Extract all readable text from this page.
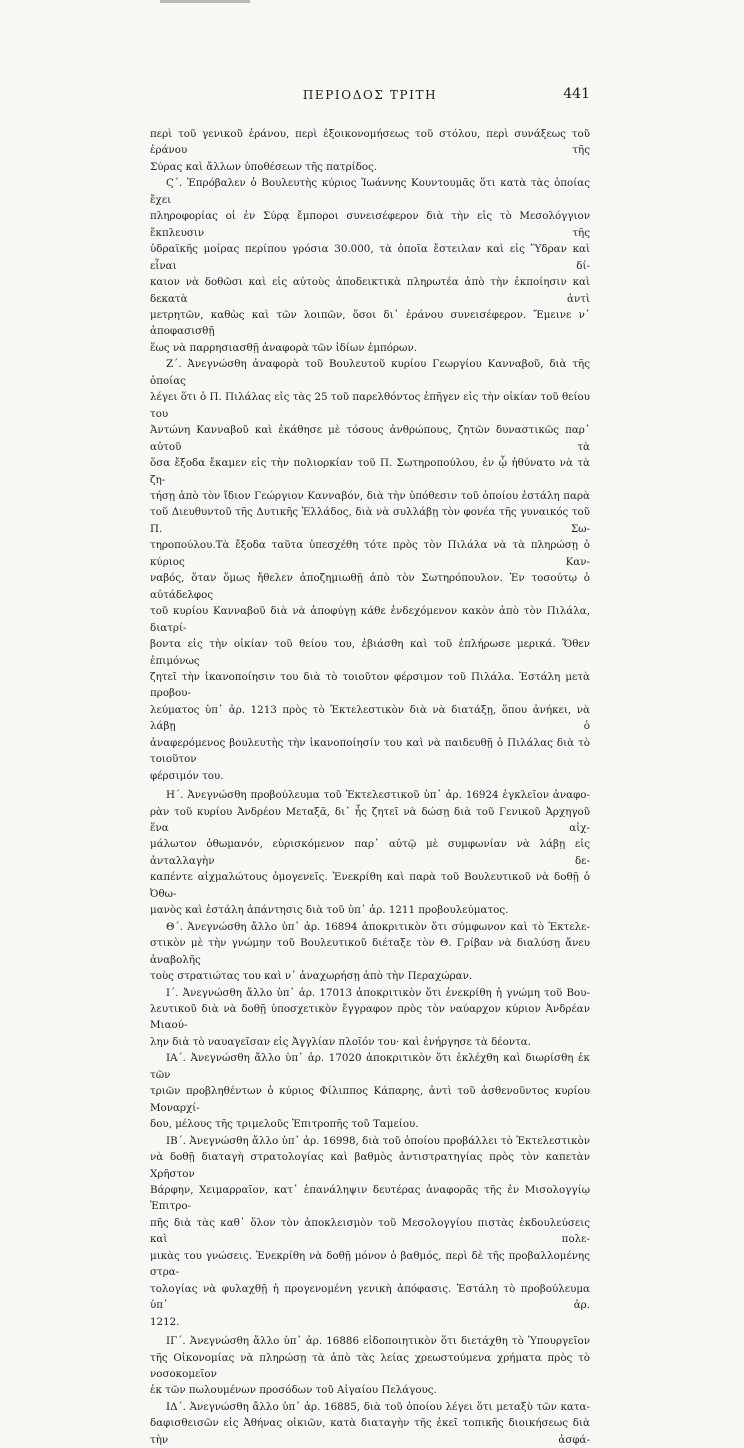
ΠΕΡΙΟΔΟΣ ΤΡΙΤΗ	441

περὶ τοῦ γενικοῦ ἐράνου, περὶ ἐξοικονομήσεως τοῦ στόλου, περὶ συνάξεως τοῦ ἐράνου τῆς

Σύρας καὶ ἄλλων ὑποθέσεων τῆς πατρίδος.

Ϛ΄. Ἐπρόβαλεν ὁ Βουλευτὴς κύριος Ἰωάννης Κουντουμᾶς ὅτι κατὰ τὰς ὁποίας ἔχει

πληροφορίας οἱ ἐν Σύρᾳ ἔμποροι συνεισέφερον διὰ τὴν εἰς τὸ Μεσολόγγιον ἔκπλευσιν τῆς

ὑδραϊκῆς μοίρας περίπου γρόσια 30.000, τὰ ὁποῖα ἔστειλαν καὶ εἰς Ὕδραν καὶ εἶναι δί-

καιον νὰ δοθῶσι καὶ εἰς αὐτοὺς ἀποδεικτικὰ πληρωτέα ἀπὸ τὴν ἐκποίησιν καὶ δεκατὰ ἀντὶ

μετρητῶν, καθὼς καὶ τῶν λοιπῶν, ὅσοι δι᾿ ἐράνου συνεισέφερον. Ἔμεινε ν᾿ ἀποφασισθῇ

ἕως νὰ παρρησιασθῇ ἀναφορὰ τῶν ἰδίων ἐμπόρων.

Ζ΄. Ἀνεγνώσθη ἀναφορὰ τοῦ Βουλευτοῦ κυρίου Γεωργίου Κανναβοῦ, διὰ τῆς ὁποίας

λέγει ὅτι ὁ Π. Πιλάλας εἰς τὰς 25 τοῦ παρελθόντος ἐπῆγεν εἰς τὴν οἰκίαν τοῦ θείου του

Ἀντώνη Κανναβοῦ καὶ ἐκάθησε μὲ τόσους ἀνθρώπους, ζητῶν δυναστικῶς παρ᾿ αὐτοῦ τὰ

ὅσα ἔξοδα ἔκαμεν εἰς τὴν πολιορκίαν τοῦ Π. Σωτηροπούλου, ἐν ᾧ ἠθύνατο νὰ τὰ ζη-

τήσῃ ἀπὸ τὸν ἴδιον Γεώργιον Κανναβόν, διὰ τὴν ὑπόθεσιν τοῦ ὁποίου ἐστάλη παρὰ

τοῦ Διευθυντοῦ τῆς Δυτικῆς Ἑλλάδος, διὰ νὰ συλλάβῃ τὸν φονέα τῆς γυναικός τοῦ Π. Σω-

τηροπούλου.Τὰ ἔξοδα ταῦτα ὑπεσχέθη τότε πρὸς τὸν Πιλάλα νὰ τὰ πληρώσῃ ὁ κύριος Καν-

ναβός, ὅταν ὅμως ἤθελεν ἀποζημιωθῇ ἀπὸ τὸν Σωτηρόπουλον. Ἐν τοσούτῳ ὁ αὐτάδελφος

τοῦ κυρίου Κανναβοῦ διὰ νὰ ἀποφύγῃ κάθε ἐνδεχόμενον κακὸν ἀπὸ τὸν Πιλάλα, διατρί-

βοντα εἰς τὴν οἰκίαν τοῦ θείου του, ἐβιάσθη καὶ τοῦ ἐπλήρωσε μερικά. Ὅθεν ἐπιμόνως

ζητεῖ τὴν ἱκανοποίησιν του διὰ τὸ τοιοῦτον φέρσιμον τοῦ Πιλάλα. Ἐστάλη μετὰ προβου-

λεύματος ὑπ᾿ ἀρ. 1213 πρὸς τὸ Ἐκτελεστικὸν διὰ νὰ διατάξῃ, ὅπου ἀνήκει, νὰ λάβῃ ὁ

ἀναφερόμενος βουλευτὴς τὴν ἱκανοποίησίν του καὶ νὰ παιδευθῇ ὁ Πιλάλας διὰ τὸ τοιοῦτον

φέρσιμόν του.

Η΄. Ἀνεγνώσθη προβούλευμα τοῦ Ἐκτελεστικοῦ ὑπ᾿ ἀρ. 16924 ἐγκλεῖον ἀναφο-

ρὰν τοῦ κυρίου Ἀνδρέου Μεταξᾶ, δι᾿ ἧς ζητεῖ νὰ δώσῃ διὰ τοῦ Γενικοῦ Ἀρχηγοῦ ἕνα αἰχ-

μάλωτον ὀθωμανόν, εὑρισκόμενον παρ᾿ αὐτῷ μὲ συμφωνίαν νὰ λάβῃ εἰς ἀνταλλαγὴν δε-

καπέντε αἰχμαλώτους ὁμογενεῖς. Ἐνεκρίθη καὶ παρὰ τοῦ Βουλευτικοῦ νὰ δοθῇ ὁ Ὀθω-

μανὸς καὶ ἐστάλη ἀπάντησις διὰ τοῦ ὑπ᾿ ἀρ. 1211 προβουλεύματος.

Θ΄. Ἀνεγνώσθη ἄλλο ὑπ᾿ ἀρ. 16894 ἀποκριτικὸν ὅτι σύμφωνον καὶ τὸ Ἐκτελε-

στικὸν μὲ τὴν γνώμην τοῦ Βουλευτικοῦ διέταξε τὸν Θ. Γρίβαν νὰ διαλύσῃ ἄνευ ἀναβολῆς

τοὺς στρατιώτας του καὶ ν᾿ ἀναχωρήσῃ ἀπὸ τὴν Περαχώραν.

Ι΄. Ἀνεγνώσθη ἄλλο ὑπ᾿ ἀρ. 17013 ἀποκριτικὸν ὅτι ἐνεκρίθη ἡ γνώμη τοῦ Βου-

λευτικοῦ διὰ νὰ δοθῇ ὑποσχετικὸν ἔγγραφον πρὸς τὸν ναύαρχον κύριον Ἀνδρέαν Μιαού-

λην διὰ τὸ ναυαγεῖσαν εἰς Ἀγγλίαν πλοῖόν του· καὶ ἐνήργησε τὰ δέοντα.

ΙΑ΄. Ἀνεγνώσθη ἄλλο ὑπ᾿ ἀρ. 17020 ἀποκριτικὸν ὅτι ἐκλέχθη καὶ διωρίσθη ἐκ τῶν

τριῶν προβληθέντων ὁ κύριος Φίλιππος Κάπαρης, ἀντὶ τοῦ ἀσθενοῦντος κυρίου Μοναρχί-

δου, μέλους τῆς τριμελοῦς Ἐπιτροπῆς τοῦ Ταμείου.

ΙΒ΄. Ἀνεγνώσθη ἄλλο ὑπ᾿ ἀρ. 16998, διὰ τοῦ ὁποίου προβάλλει τὸ Ἐκτελεστικὸν

νὰ δοθῇ διαταγὴ στρατολογίας καὶ βαθμὸς ἀντιστρατηγίας πρὸς τὸν καπετὰν Χρῆστον

Βάρφην, Χειμαρραῖον, κατ᾿ ἐπανάληψιν δευτέρας ἀναφορᾶς τῆς ἐν Μισολογγίῳ Ἐπιτρο-

πῆς διὰ τὰς καθ᾿ ὅλον τὸν ἀποκλεισμὸν τοῦ Μεσολογγίου πιστὰς ἐκδουλεύσεις καὶ πολε-

μικὰς του γνώσεις. Ἐνεκρίθη νὰ δοθῇ μόνον ὁ βαθμός, περὶ δὲ τῆς προβαλλομένης στρα-

τολογίας νὰ φυλαχθῇ ἡ προγενομένη γενικὴ ἀπόφασις. Ἐστάλη τὸ προβούλευμα ὑπ᾿ ἀρ.

1212.

ΙΓ΄. Ἀνεγνώσθη ἄλλο ὑπ᾿ ἀρ. 16886 εἰδοποιητικὸν ὅτι διετάχθη τὸ Ὑπουργεῖον

τῆς Οἰκονομίας νὰ πληρώσῃ τὰ ἀπὸ τὰς λείας χρεωστούμενα χρήματα πρὸς τὸ νοσοκομεῖον

ἐκ τῶν πωλουμένων προσόδων τοῦ Αἰγαίου Πελάγους.

ΙΔ΄. Ἀνεγνώσθη ἄλλο ὑπ᾿ ἀρ. 16885, διὰ τοῦ ὁποίου λέγει ὅτι μεταξὺ τῶν κατα-

δαφισθεισῶν εἰς Ἀθήνας οἰκιῶν, κατὰ διαταγὴν τῆς ἐκεῖ τοπικῆς διοικήσεως διὰ τὴν ἀσφά-
